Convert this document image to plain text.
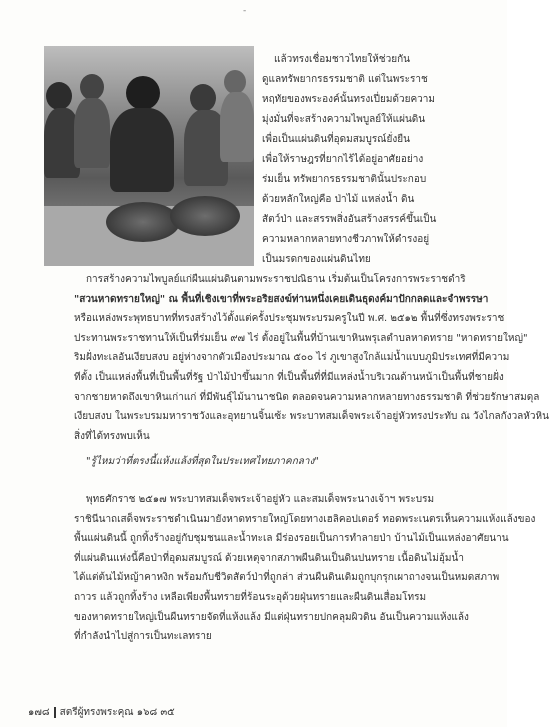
-
แล้วทรงเชื่อมชาวไทยให้ช่วยกัน
ดูแลทรัพยากรธรรมชาติ แต่ในพระราช
หฤทัยของพระองค์นั้นทรงเปี่ยมด้วยความ
มุ่งมั่นที่จะสร้างความไพบูลย์ให้แผ่นดิน
เพื่อเป็นแผ่นดินที่อุดมสมบูรณ์ยั่งยืน
เพื่อให้ราษฎรที่ยากไร้ได้อยู่อาศัยอย่าง
ร่มเย็น ทรัพยากรธรรมชาตินั้นประกอบ
ด้วยหลักใหญ่คือ ป่าไม้ แหล่งน้ำ ดิน
สัตว์ป่า และสรรพสิ่งอันสร้างสรรค์ขึ้นเป็น
ความหลากหลายทางชีวภาพให้ดำรงอยู่
เป็นมรดกของแผ่นดินไทย
การสร้างความไพบูลย์แก่ผืนแผ่นดินตามพระราชปณิธาน เริ่มต้นเป็นโครงการพระราชดำริ
"สวนหาดทรายใหญ่" ณ พื้นที่เชิงเขาที่พระอริยสงฆ์ท่านหนึ่งเคยเดินธุดงค์มาปักกลดและจำพรรษา
หรือแหล่งพระพุทธบาทที่ทรงสร้างไว้ตั้งแต่ครั้งประชุมพระบรมครูในปี พ.ศ. ๒๕๑๒ พื้นที่ซึ่งทรงพระราช
ประทานพระราชทานให้เป็นที่ร่มเย็น ๙๗ ไร่ ตั้งอยู่ในพื้นที่บ้านเขาหินพรุเลตำบลหาดทราย "หาดทรายใหญ่"
ริมฝั่งทะเลอันเงียบสงบ อยู่ห่างจากตัวเมืองประมาณ ๕๐๐ ไร่ ภูเขาสูงใกล้แม่น้ำแบบภูมิประเทศที่มีความ
ทีตั้ง เป็นแหล่งพื้นที่เป็นพื้นที่รัฐ ป่าไม้ป่าขึ้นมาก ที่เป็นพื้นที่ที่มีแหล่งน้ำบริเวณด้านหน้าเป็นพื้นที่ชายฝั่ง
จากชายหาดถึงเขาหินเก่าแก่ ที่มีพันธุ์ไม้นานาชนิด ตลอดจนความหลากหลายทางธรรมชาติ ที่ช่วยรักษาสมดุล
เงียบสงบ ในพระบรมมหาราชวังและอุทยานจิ้นเซ้ะ พระบาทสมเด็จพระเจ้าอยู่หัวทรงประทับ ณ วังไกลกังวลหัวหิน
สิ่งที่ได้ทรงพบเห็น
"รู้ไหมว่าที่ตรงนี้แห้งแล้งที่สุดในประเทศไทยภาคกลาง"
พุทธศักราช ๒๕๑๗ พระบาทสมเด็จพระเจ้าอยู่หัว และสมเด็จพระนางเจ้าฯ พระบรม
ราชินีนาถเสด็จพระราชดำเนินมายังหาดทรายใหญ่โดยทางเฮลิคอปเตอร์ ทอดพระเนตรเห็นความแห้งแล้งของ
พื้นแผ่นดินนี้ ถูกทิ้งร้างอยู่กับชุมชนและน้ำทะเล มีร่องรอยเป็นการทำลายป่า บ้านไม้เป็นแหล่งอาศัยนาน
ที่แผ่นดินแห่งนี้คือป่าที่อุดมสมบูรณ์ ด้วยเหตุจากสภาพผืนดินเป็นดินปนทราย เนื้อดินไม่อุ้มน้ำ
ได้แต่ต้นไม้หญ้าคาหงิก พร้อมกับชีวิตสัตว์ป่าที่ถูกล่า ส่วนผืนดินเดิมถูกบุกรุกเผาถางจนเป็นหมดสภาพ
ถาวร แล้วถูกทิ้งร้าง เหลือเพียงพื้นทรายที่ร้อนระอุด้วยฝุ่นทรายและผืนดินเสื่อมโทรม
ของหาดทรายใหญ่เป็นผืนทรายจัดที่แห้งแล้ง มีแต่ฝุ่นทรายปกคลุมผิวดิน อันเป็นความแห้งแล้ง
ที่กำลังนำไปสู่การเป็นทะเลทราย
๑๗๘ สตรีผู้ทรงพระคุณ ๑๖๘ ๓๕
